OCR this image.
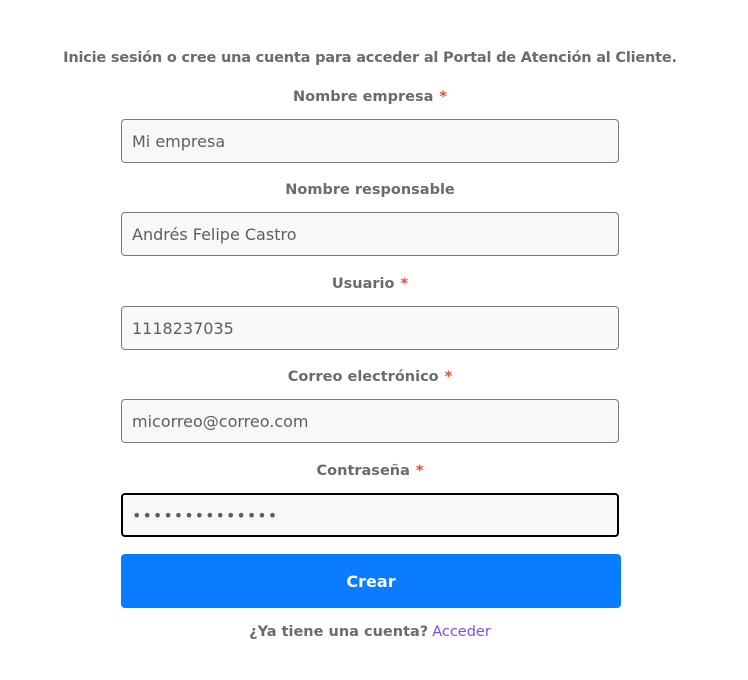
Inicie sesión o cree una cuenta para acceder al Portal de Atención al Cliente.
Nombre empresa *
Mi empresa
Nombre responsable
Andrés Felipe Castro
Usuario *
1118237035
Correo electrónico *
micorreo@correo.com
Contraseña *
••••••••••••••
Crear
¿Ya tiene una cuenta? Acceder
